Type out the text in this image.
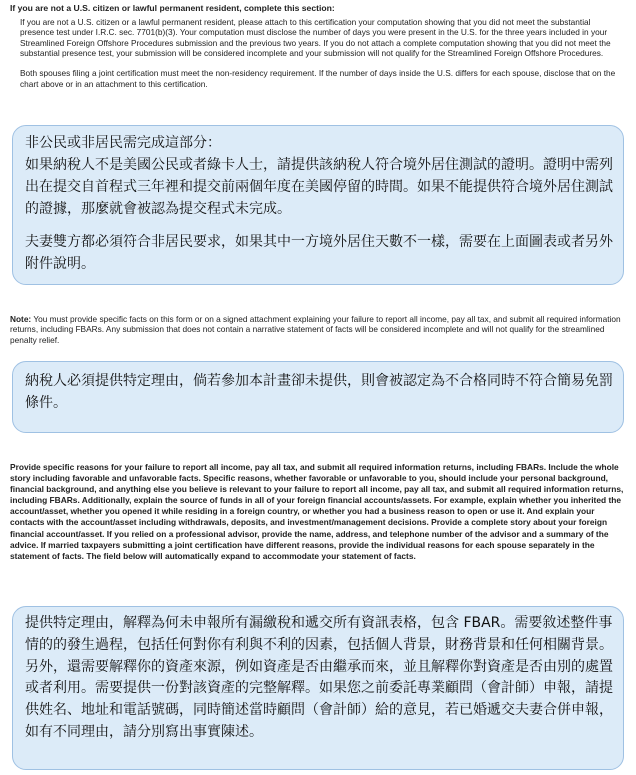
If you are not a U.S. citizen or lawful permanent resident, complete this section:

If you are not a U.S. citizen or a lawful permanent resident, please attach to this certification your computation showing that you did not meet the substantial presence test under I.R.C. sec. 7701(b)(3). Your computation must disclose the number of days you were present in the U.S. for the three years included in your Streamlined Foreign Offshore Procedures submission and the previous two years. If you do not attach a complete computation showing that you did not meet the substantial presence test, your submission will be considered incomplete and your submission will not qualify for the Streamlined Foreign Offshore Procedures.

Both spouses filing a joint certification must meet the non-residency requirement. If the number of days inside the U.S. differs for each spouse, disclose that on the chart above or in an attachment to this certification.

非公民或非居民需完成這部分：

如果納稅人不是美國公民或者綠卡人士，請提供該納稅人符合境外居住測試的證明。證明中需列出在提交自首程式三年裡和提交前兩個年度在美國停留的時間。如果不能提供符合境外居住測試的證據，那麼就會被認為提交程式未完成。

夫妻雙方都必須符合非居民要求，如果其中一方境外居住天數不一樣，需要在上面圖表或者另外附件說明。

Note: You must provide specific facts on this form or on a signed attachment explaining your failure to report all income, pay all tax, and submit all required information returns, including FBARs. Any submission that does not contain a narrative statement of facts will be considered incomplete and will not qualify for the streamlined penalty relief.

納稅人必須提供特定理由，倘若參加本計畫卻未提供，則會被認定為不合格同時不符合簡易免罰條件。

Provide specific reasons for your failure to report all income, pay all tax, and submit all required information returns, including FBARs. Include the whole story including favorable and unfavorable facts. Specific reasons, whether favorable or unfavorable to you, should include your personal background, financial background, and anything else you believe is relevant to your failure to report all income, pay all tax, and submit all required information returns, including FBARs. Additionally, explain the source of funds in all of your foreign financial accounts/assets. For example, explain whether you inherited the account/asset, whether you opened it while residing in a foreign country, or whether you had a business reason to open or use it. And explain your contacts with the account/asset including withdrawals, deposits, and investment/management decisions. Provide a complete story about your foreign financial account/asset. If you relied on a professional advisor, provide the name, address, and telephone number of the advisor and a summary of the advice. If married taxpayers submitting a joint certification have different reasons, provide the individual reasons for each spouse separately in the statement of facts. The field below will automatically expand to accommodate your statement of facts.

提供特定理由，解釋為何未申報所有漏繳稅和遞交所有資訊表格，包含 FBAR。需要敘述整件事情的的發生過程，包括任何對你有利與不利的因素，包括個人背景，財務背景和任何相關背景。另外，還需要解釋你的資產來源，例如資產是否由繼承而來，並且解釋你對資產是否由別的處置或者利用。需要提供一份對該資產的完整解釋。如果您之前委託專業顧問（會計師）申報，請提供姓名、地址和電話號碼，同時簡述當時顧問（會計師）給的意見，若已婚遞交夫妻合併申報，如有不同理由，請分別寫出事實陳述。
